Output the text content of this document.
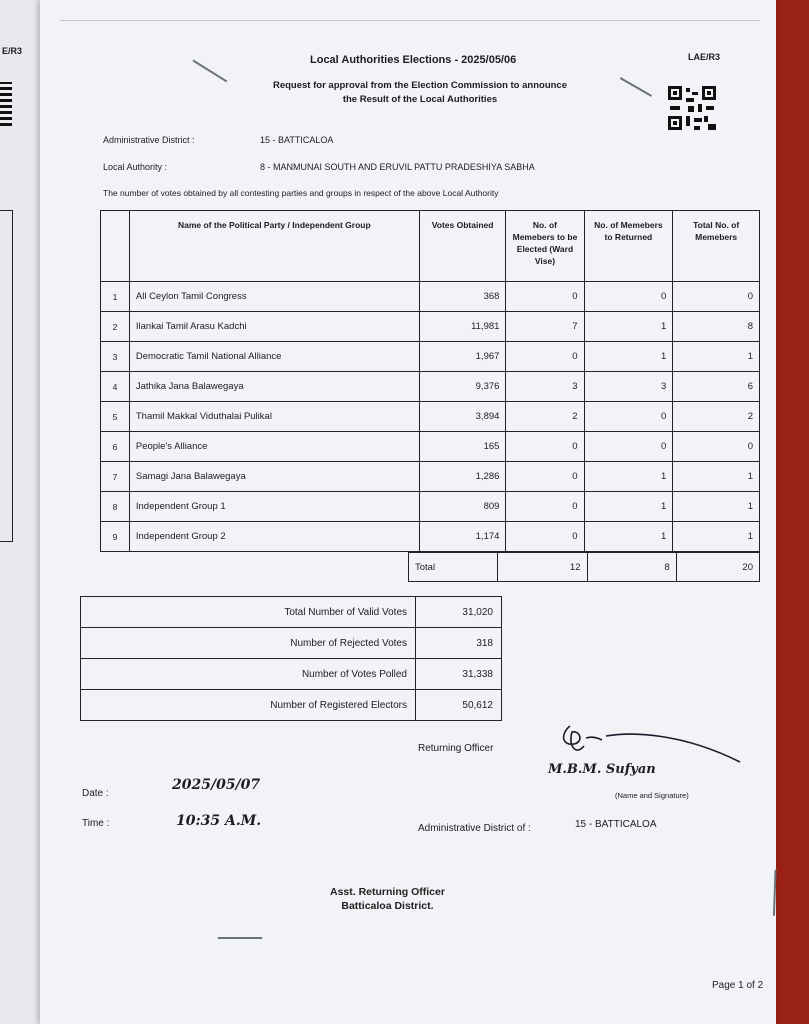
E/R3
Local Authorities Elections - 2025/05/06	LAE/R3
Request for approval from the Election Commission to announce
the Result of the Local Authorities
Administrative District :	15 - BATTICALOA
Local Authority :	8 - MANMUNAI SOUTH AND ERUVIL PATTU PRADESHIYA SABHA
The number of votes obtained by all contesting parties and groups in respect of the above Local Authority
	Name of the Political Party / Independent Group	Votes Obtained	No. of Memebers to be Elected (Ward Vise)	No. of Memebers to Returned	Total No. of Memebers
1	All Ceylon Tamil Congress	368	0	0	0
2	Ilankai Tamil Arasu Kadchi	11,981	7	1	8
3	Democratic Tamil National Alliance	1,967	0	1	1
4	Jathika Jana Balawegaya	9,376	3	3	6
5	Thamil Makkal Viduthalai Pulikal	3,894	2	0	2
6	People's Alliance	165	0	0	0
7	Samagi Jana Balawegaya	1,286	0	1	1
8	Independent Group 1	809	0	1	1
9	Independent Group 2	1,174	0	1	1
Total	12	8	20
Total Number of Valid Votes	31,020
Number of Rejected Votes	318
Number of Votes Polled	31,338
Number of Registered Electors	50,612
Returning Officer
M.B.M. Sufyan
(Name and Signature)
Date :
2025/05/07
Time :	10:35 A.M.	Administrative District of :	15 - BATTICALOA

Asst. Returning Officer
Batticaloa District.
Page 1 of 2
